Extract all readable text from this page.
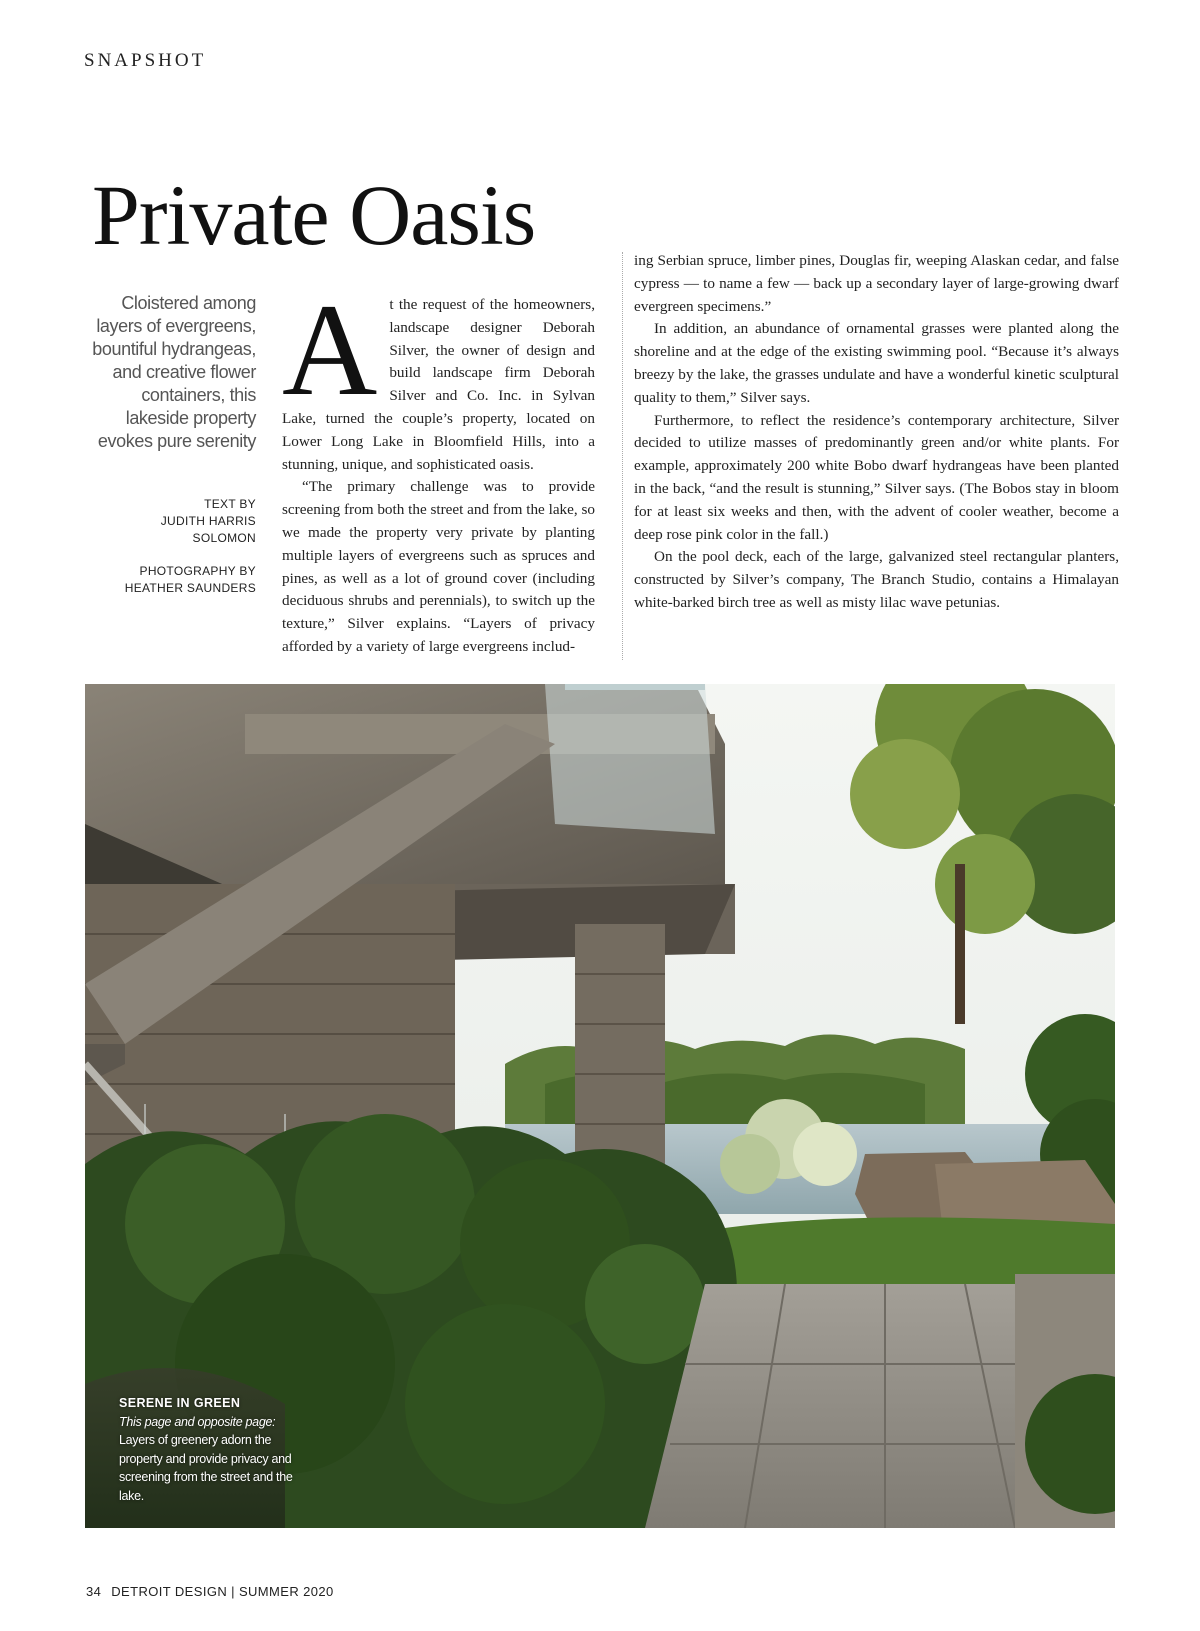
SNAPSHOT
Private Oasis
Cloistered among layers of evergreens, bountiful hydrangeas, and creative flower containers, this lakeside property evokes pure serenity
TEXT BY
JUDITH HARRIS
SOLOMON
PHOTOGRAPHY BY
HEATHER SAUNDERS
A t the request of the homeowners, landscape designer Deborah Silver, the owner of design and build landscape firm Deborah Silver and Co. Inc. in Sylvan Lake, turned the couple’s property, located on Lower Long Lake in Bloomfield Hills, into a stunning, unique, and sophisticated oasis.

“The primary challenge was to provide screening from both the street and from the lake, so we made the property very private by planting multiple layers of evergreens such as spruces and pines, as well as a lot of ground cover (including deciduous shrubs and perennials), to switch up the texture,” Silver explains. “Layers of privacy afforded by a variety of large evergreens includ-

ing Serbian spruce, limber pines, Douglas fir, weeping Alaskan cedar, and false cypress — to name a few — back up a secondary layer of large-growing dwarf evergreen specimens.”

In addition, an abundance of ornamental grasses were planted along the shoreline and at the edge of the existing swimming pool. “Because it’s always breezy by the lake, the grasses undulate and have a wonderful kinetic sculptural quality to them,” Silver says.

Furthermore, to reflect the residence’s contemporary architecture, Silver decided to utilize masses of predominantly green and/or white plants. For example, approximately 200 white Bobo dwarf hydrangeas have been planted in the back, “and the result is stunning,” Silver says. (The Bobos stay in bloom for at least six weeks and then, with the advent of cooler weather, become a deep rose pink color in the fall.)

On the pool deck, each of the large, galvanized steel rectangular planters, constructed by Silver’s company, The Branch Studio, contains a Himalayan white-barked birch tree as well as misty lilac wave petunias.

SERENE IN GREEN
This page and opposite page:
Layers of greenery adorn the property and provide privacy and screening from the street and the lake.
34 DETROIT DESIGN | SUMMER 2020
